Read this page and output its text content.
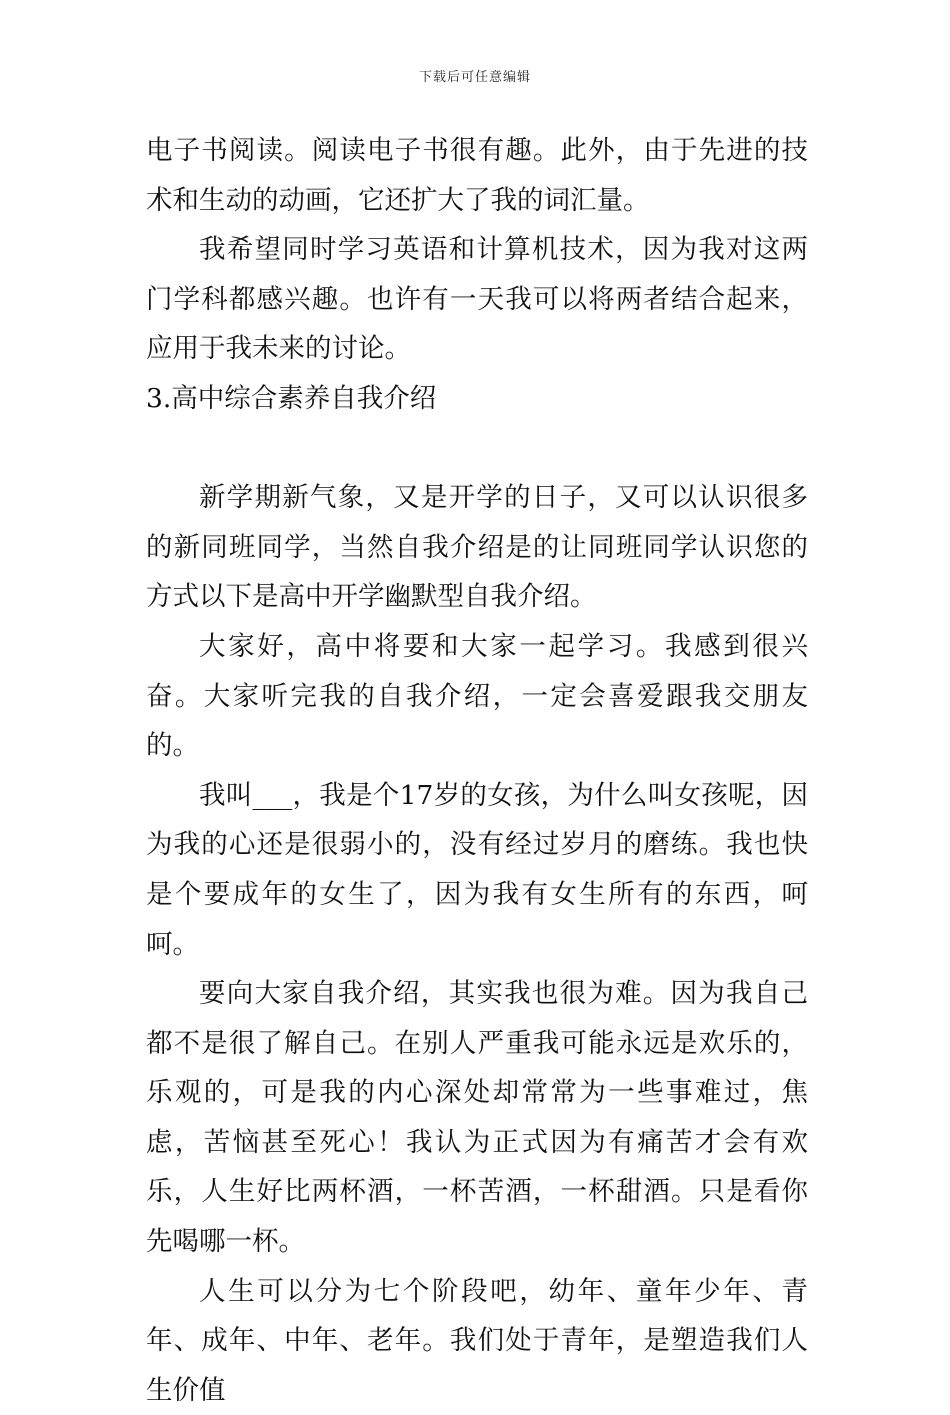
下载后可任意编辑

电子书阅读。阅读电子书很有趣。此外，由于先进的技术和生动的动画，它还扩大了我的词汇量。

我希望同时学习英语和计算机技术，因为我对这两门学科都感兴趣。也许有一天我可以将两者结合起来，应用于我未来的讨论。

3.高中综合素养自我介绍

新学期新气象，又是开学的日子，又可以认识很多的新同班同学，当然自我介绍是的让同班同学认识您的方式以下是高中开学幽默型自我介绍。

大家好，高中将要和大家一起学习。我感到很兴奋。大家听完我的自我介绍，一定会喜爱跟我交朋友的。

我叫___，我是个17岁的女孩，为什么叫女孩呢，因为我的心还是很弱小的，没有经过岁月的磨练。我也快是个要成年的女生了，因为我有女生所有的东西，呵呵。

要向大家自我介绍，其实我也很为难。因为我自己都不是很了解自己。在别人严重我可能永远是欢乐的，乐观的，可是我的内心深处却常常为一些事难过，焦虑，苦恼甚至死心！我认为正式因为有痛苦才会有欢乐，人生好比两杯酒，一杯苦酒，一杯甜酒。只是看你先喝哪一杯。

人生可以分为七个阶段吧，幼年、童年少年、青年、成年、中年、老年。我们处于青年，是塑造我们人生价值
